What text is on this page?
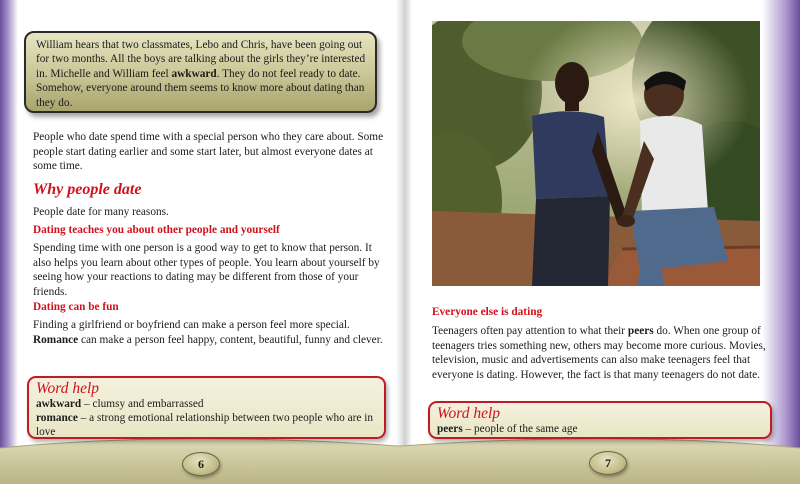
William hears that two classmates, Lebo and Chris, have been going out for two months. All the boys are talking about the girls they’re interested in. Michelle and William feel awkward. They do not feel ready to date. Somehow, everyone around them seems to know more about dating than they do.

People who date spend time with a special person who they care about. Some people start dating earlier and some start later, but almost everyone dates at some time.

Why people date

People date for many reasons.

Dating teaches you about other people and yourself

Spending time with one person is a good way to get to know that person. It also helps you learn about other types of people. You learn about yourself by seeing how your reactions to dating may be different from those of your friends.

Dating can be fun

Finding a girlfriend or boyfriend can make a person feel more special. Romance can make a person feel happy, content, beautiful, funny and clever.

Word help
awkward – clumsy and embarrassed
romance – a strong emotional relationship between two people who are in love
6
Everyone else is dating

Teenagers often pay attention to what their peers do. When one group of teenagers tries something new, others may become more curious. Movies, television, music and advertisements can also make teenagers feel that everyone is dating. However, the fact is that many teenagers do not date.

Word help
peers – people of the same age
7
